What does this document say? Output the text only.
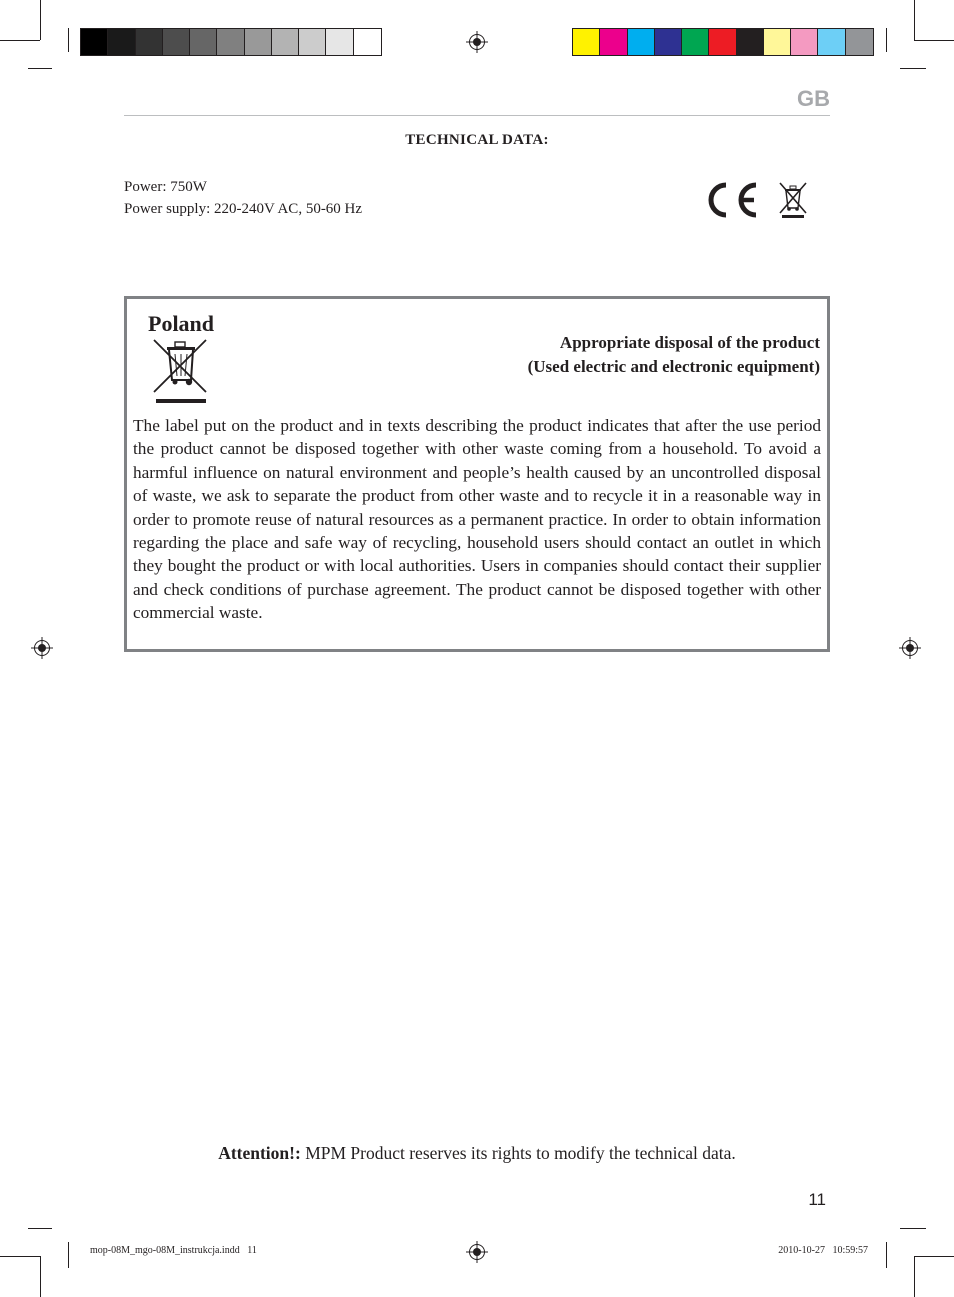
GB
TECHNICAL DATA:
Power: 750W
Power supply: 220-240V AC, 50-60 Hz
Poland
Appropriate disposal of the product
(Used electric and electronic equipment)

The label put on the product and in texts describing the product indicates that after the use period the product cannot be disposed together with other waste coming from a household. To avoid a harmful influence on natural environment and people’s health caused by an uncontrolled disposal of waste, we ask to separate the product from other waste and to recycle it in a reasonable way in order to promote reuse of natural resources as a permanent practice. In order to obtain information regarding the place and safe way of recycling, household users should contact an outlet in which they bought the product or with local authorities. Users in companies should contact their supplier and check conditions of purchase agreement. The product cannot be disposed together with other commercial waste.

Attention!: MPM Product reserves its rights to modify the technical data.
11
mop-08M_mgo-08M_instrukcja.indd   11	2010-10-27   10:59:57
